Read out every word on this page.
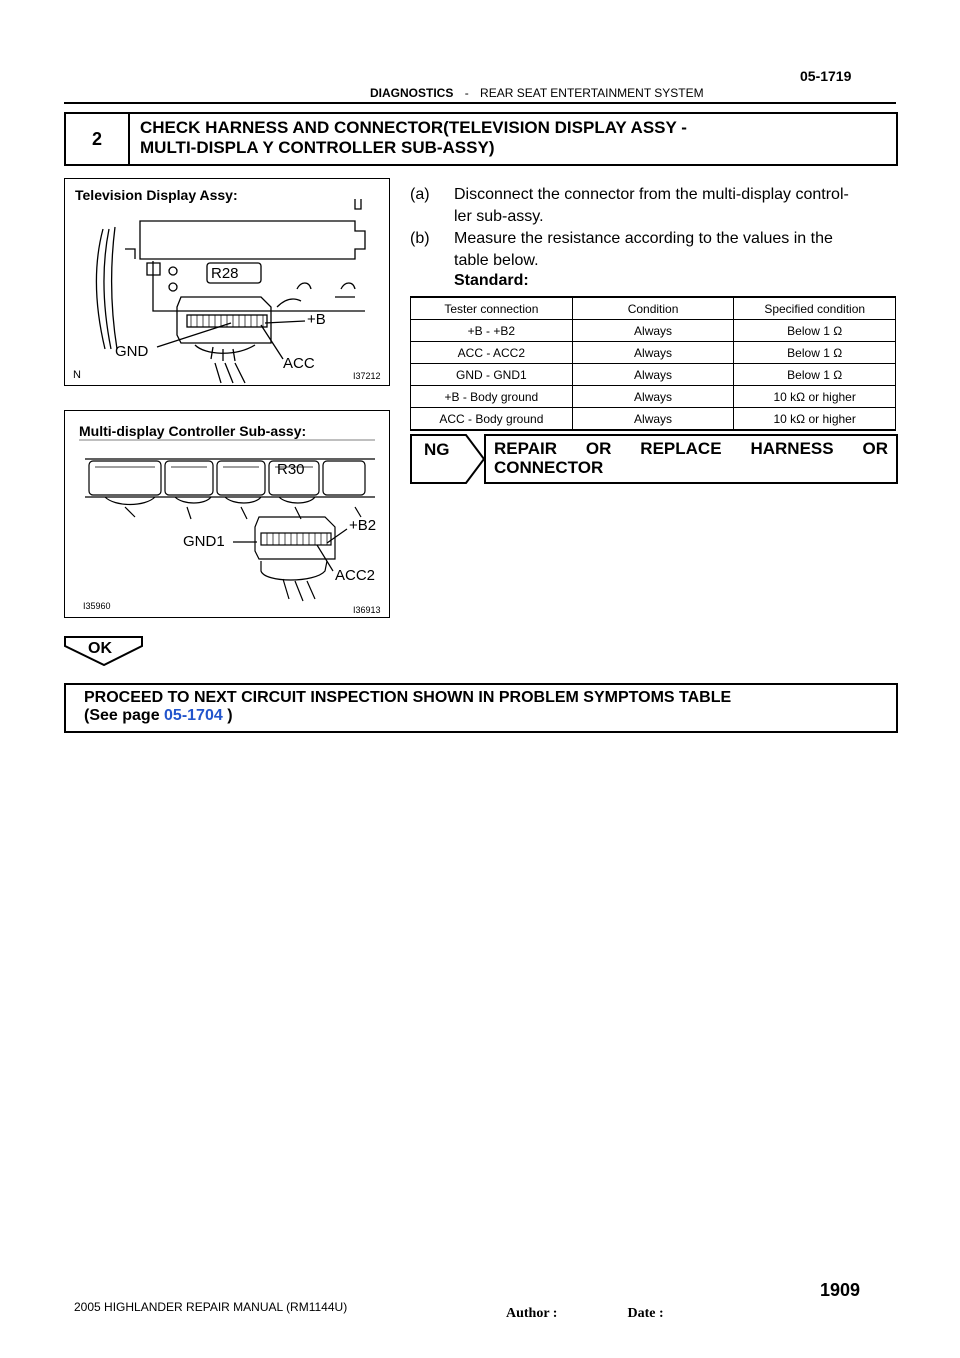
05-1719
DIAGNOSTICS - REAR SEAT ENTERTAINMENT SYSTEM
2
CHECK HARNESS AND CONNECTOR(TELEVISION DISPLAY ASSY -
MULTI-DISPLA Y CONTROLLER SUB-ASSY)
Television Display Assy:
R28
+B
GND
ACC
N	I37212
Multi-display Controller Sub-assy:
R30
+B2
GND1
ACC2
I35960	I36913
(a) Disconnect the connector from the multi-display control-
ler sub-assy.
(b) Measure the resistance according to the values in the
table below.
Standard:
Tester connection	Condition	Specified condition
+B - +B2	Always	Below 1 Ω
ACC - ACC2	Always	Below 1 Ω
GND - GND1	Always	Below 1 Ω
+B - Body ground	Always	10 kΩ or higher
ACC - Body ground	Always	10 kΩ or higher
NG	REPAIR OR REPLACE HARNESS OR
CONNECTOR
OK
PROCEED TO NEXT CIRCUIT INSPECTION SHOWN IN PROBLEM SYMPTOMS TABLE
(See page 05-1704 )
1909
2005 HIGHLANDER REPAIR MANUAL (RM1144U)	Author :                    Date :
